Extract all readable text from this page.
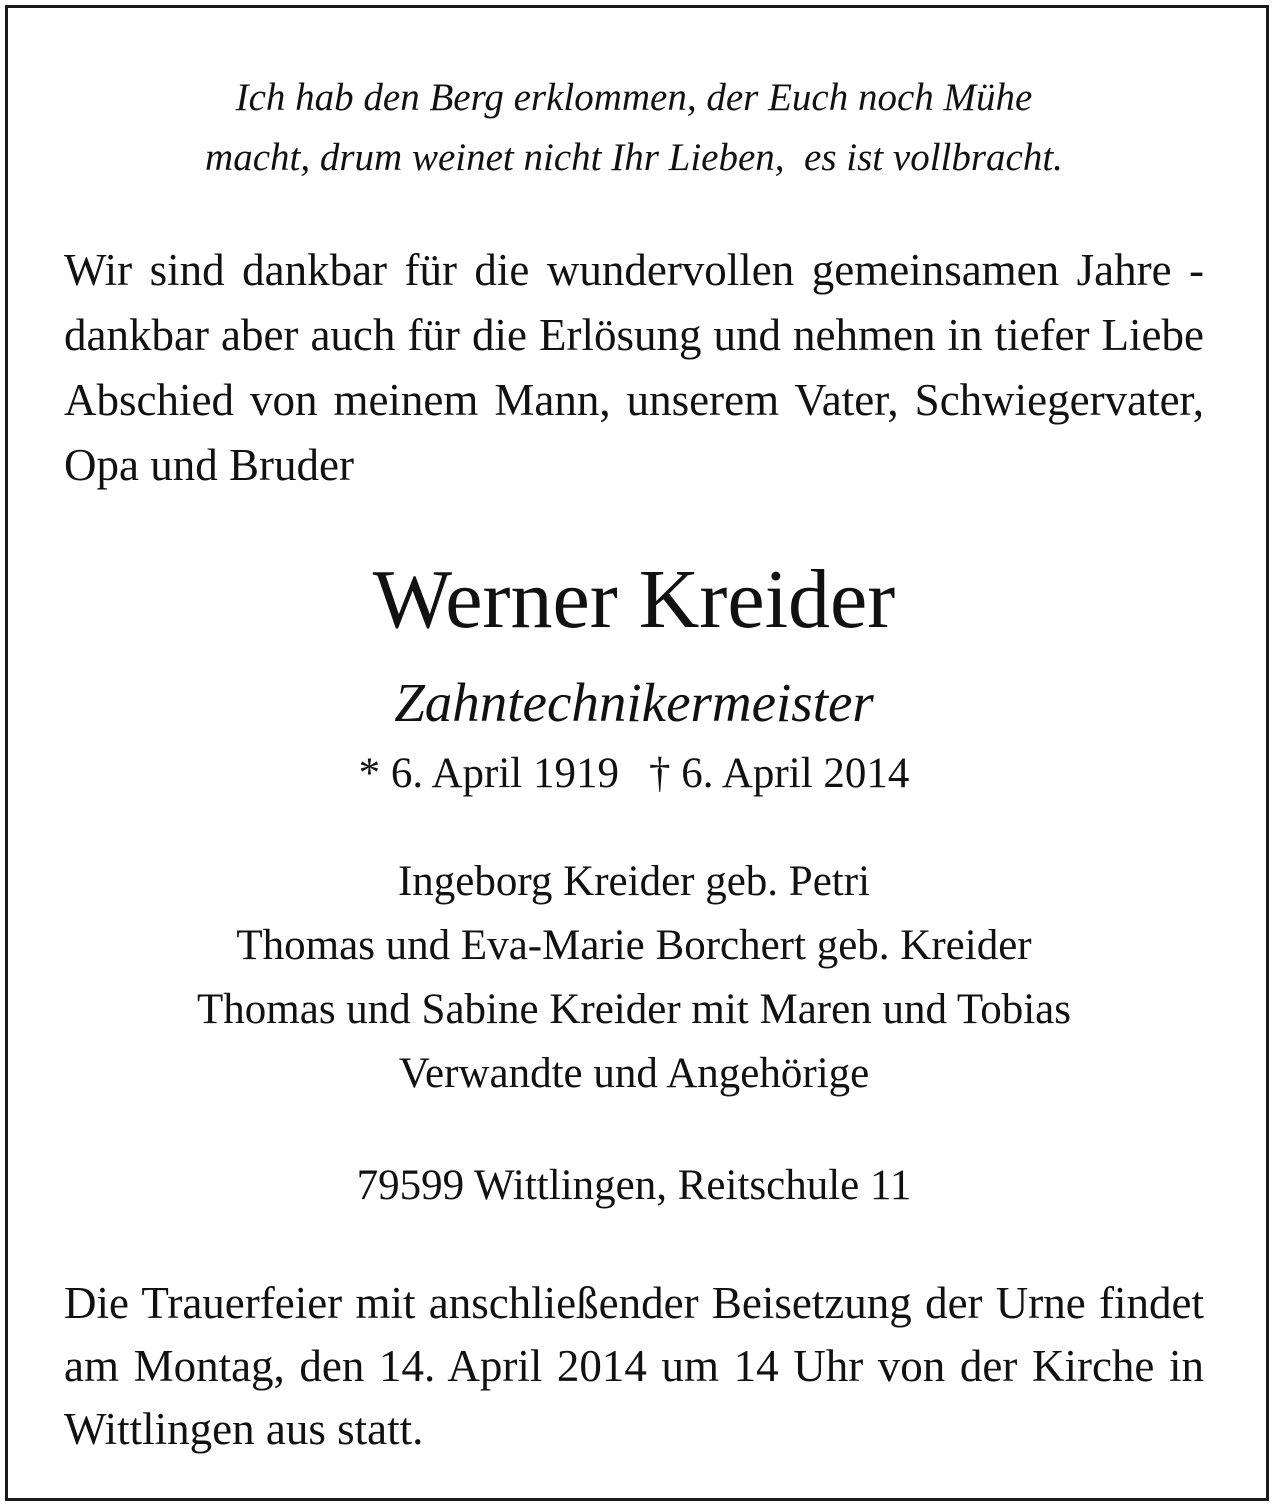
Ich hab den Berg erklommen, der Euch noch Mühe
macht, drum weinet nicht Ihr Lieben,  es ist vollbracht.
Wir sind dankbar für die wundervollen gemeinsamen Jahre - dankbar aber auch für die Erlösung und nehmen in tiefer Liebe Abschied von meinem Mann, unserem Vater, Schwiegervater, Opa und Bruder
Werner Kreider
Zahntechnikermeister
* 6. April 1919 † 6. April 2014
Ingeborg Kreider geb. Petri
Thomas und Eva-Marie Borchert geb. Kreider
Thomas und Sabine Kreider mit Maren und Tobias
Verwandte und Angehörige
79599 Wittlingen, Reitschule 11
Die Trauerfeier mit anschließender Beisetzung der Urne findet am Montag, den 14. April 2014 um 14 Uhr von der Kirche in Wittlingen aus statt.
